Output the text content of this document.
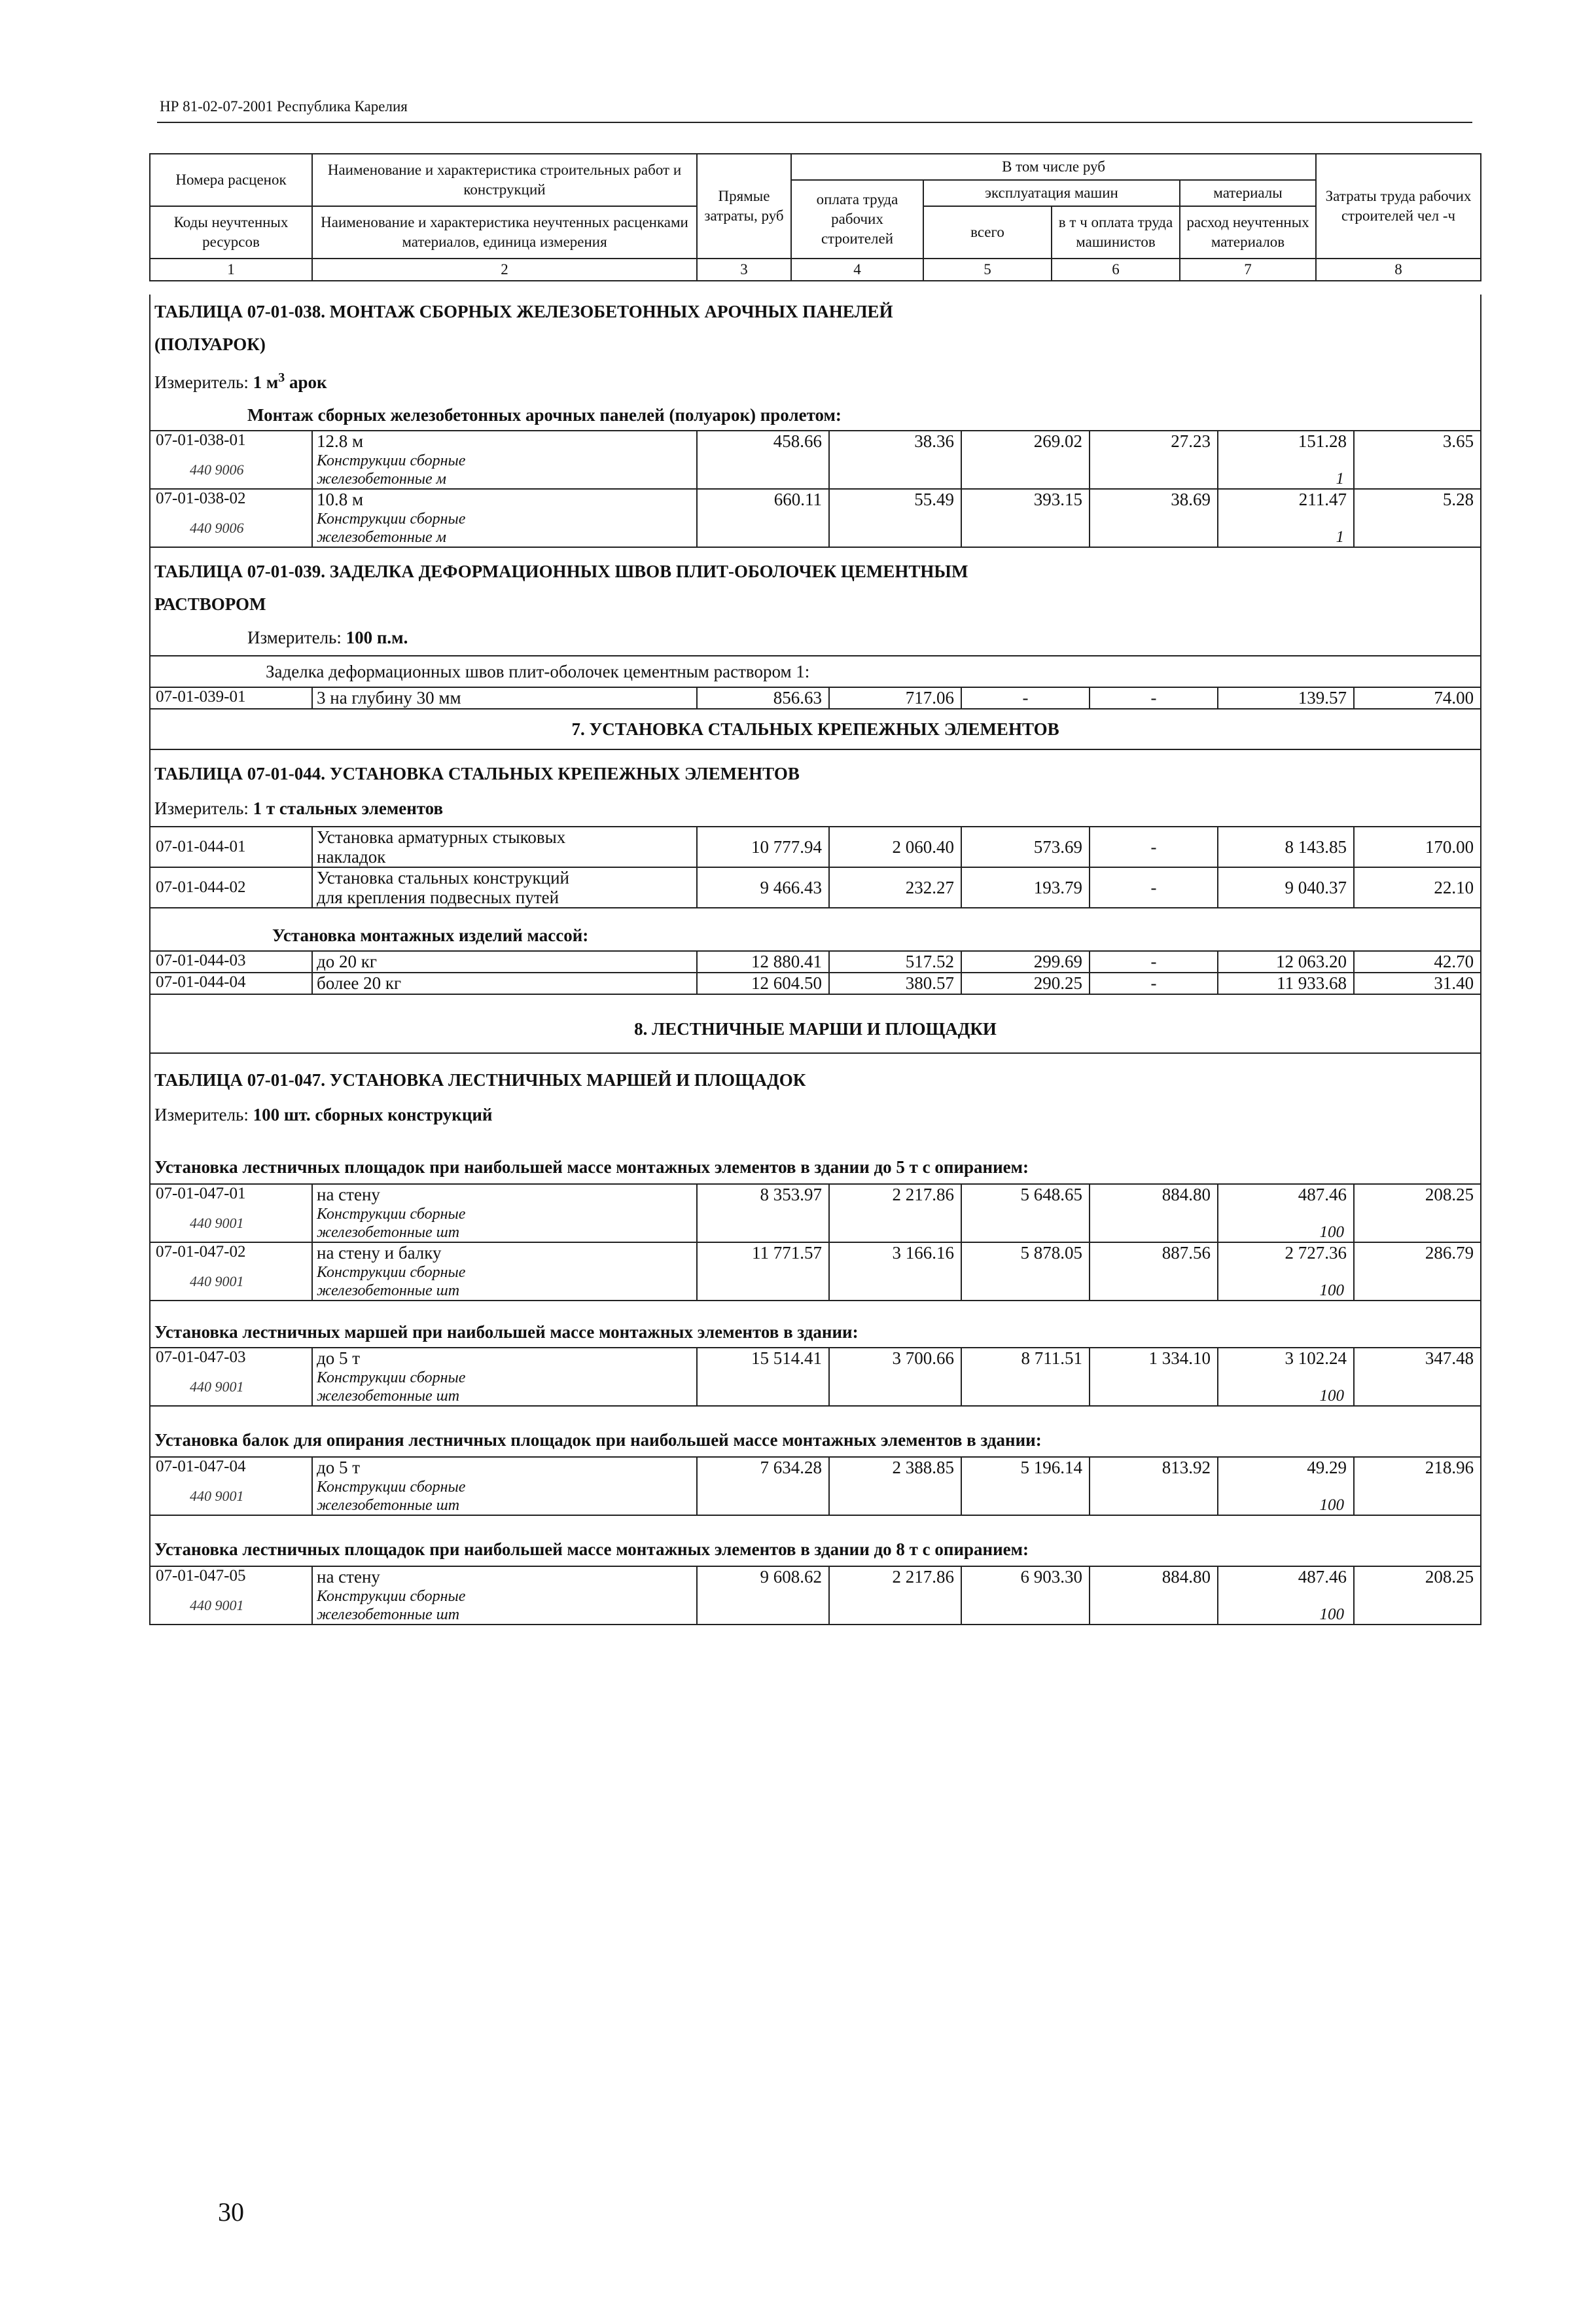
НР 81-02-07-2001 Республика Карелия
Номера расценок	Наименование и характеристика строительных работ и конструкций	Прямые затраты, руб	В том числе руб				Затраты труда рабочих строителей чел -ч
			оплата труда рабочих строителей	эксплуатация машин		материалы	
Коды неучтенных ресурсов	Наименование и характеристика неучтенных расценками материалов, единица измерения			всего	в т ч оплата труда машинистов	расход неучтенных материалов	

1	2	3	4	5	6	7	8
ТАБЛИЦА 07-01-038. МОНТАЖ СБОРНЫХ ЖЕЛЕЗОБЕТОННЫХ АРОЧНЫХ ПАНЕЛЕЙ							
(ПОЛУАРОК)							
Измеритель: 1 $м^3$ арок							
Монтаж сборных железобетонных арочных панелей (полуарок) пролетом:							
07-01-038-01	12.8 м	458.66	38.36	269.02	27.23	151.28	3.65
440 9006	Конструкции сборные
железобетонные м					1	
07-01-038-02	10.8 м	660.11	55.49	393.15	38.69	211.47	5.28
440 9006	Конструкции сборные
железобетонные м					1	
ТАБЛИЦА 07-01-039. ЗАДЕЛКА ДЕФОРМАЦИОННЫХ ШВОВ ПЛИТ-ОБОЛОЧЕК ЦЕМЕНТНЫМ							
РАСТВОРОМ							
Измеритель: 100 п.м.							
Заделка деформационных швов плит-оболочек цементным раствором 1:							
07-01-039-01	3 на глубину 30 мм	856.63	717.06	-	-	139.57	74.00
7. УСТАНОВКА СТАЛЬНЫХ КРЕПЕЖНЫХ ЭЛЕМЕНТОВ							
ТАБЛИЦА 07-01-044. УСТАНОВКА СТАЛЬНЫХ КРЕПЕЖНЫХ ЭЛЕМЕНТОВ							
Измеритель: 1 т стальных элементов							
07-01-044-01	Установка арматурных стыковых
накладок	10 777.94	2 060.40	573.69	-	8 143.85	170.00
07-01-044-02	Установка стальных конструкций
для крепления подвесных путей	9 466.43	232.27	193.79	-	9 040.37	22.10
Установка монтажных изделий массой:							
07-01-044-03	до 20 кг	12 880.41	517.52	299.69	-	12 063.20	42.70
07-01-044-04	более 20 кг	12 604.50	380.57	290.25	-	11 933.68	31.40
8. ЛЕСТНИЧНЫЕ МАРШИ И ПЛОЩАДКИ							
ТАБЛИЦА 07-01-047. УСТАНОВКА ЛЕСТНИЧНЫХ МАРШЕЙ И ПЛОЩАДОК							
Измеритель: 100 шт. сборных конструкций							
Установка лестничных площадок при наибольшей массе монтажных элементов в здании до 5 т с опиранием:							
07-01-047-01	на стену	8 353.97	2 217.86	5 648.65	884.80	487.46	208.25
440 9001	Конструкции сборные
железобетонные шт					100	
07-01-047-02	на стену и балку	11 771.57	3 166.16	5 878.05	887.56	2 727.36	286.79
440 9001	Конструкции сборные
железобетонные шт					100	
Установка лестничных маршей при наибольшей массе монтажных элементов в здании:							
07-01-047-03	до 5 т	15 514.41	3 700.66	8 711.51	1 334.10	3 102.24	347.48
440 9001	Конструкции сборные
железобетонные шт					100	
Установка балок для опирания лестничных площадок при наибольшей массе монтажных элементов в здании:							
07-01-047-04	до 5 т	7 634.28	2 388.85	5 196.14	813.92	49.29	218.96
440 9001	Конструкции сборные
железобетонные шт					100	
Установка лестничных площадок при наибольшей массе монтажных элементов в здании до 8 т с опиранием:							
07-01-047-05	на стену	9 608.62	2 217.86	6 903.30	884.80	487.46	208.25
440 9001	Конструкции сборные
железобетонные шт					100	
30
